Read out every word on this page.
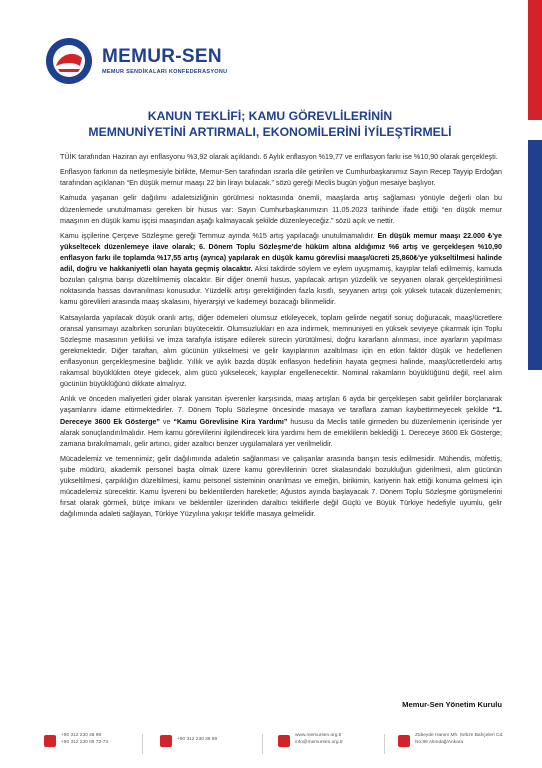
MEMUR-SEN
MEMUR SENDİKALARI KONFEDERASYONU
KANUN TEKLİFİ; KAMU GÖREVLİLERİNİN
MEMNUNİYETİNİ ARTIRMALI, EKONOMİLERİNİ İYİLEŞTİRMELİ

TÜİK tarafından Haziran ayı enflasyonu %3,92 olarak açıklandı. 6 Aylık enflasyon %19,77 ve enflasyon farkı ise %10,90 olarak gerçekleşti.

Enflasyon farkının da netleşmesiyle birlikte, Memur-Sen tarafından ısrarla dile getirilen ve Cumhurbaşkanımız Sayın Recep Tayyip Erdoğan tarafından açıklanan “En düşük memur maaşı 22 bin lirayı bulacak.” sözü gereği Meclis bugün yoğun mesaiye başlıyor.

Kamuda yaşanan gelir dağılımı adaletsizliğinin görülmesi noktasında önemli, maaşlarda artış sağlaması yönüyle değerli olan bu düzenlemede unutulmaması gereken bir husus var: Sayın Cumhurbaşkanımızın 11.05.2023 tarihinde ifade ettiği “en düşük memur maaşının en düşük kamu işçisi maaşından aşağı kalmayacak şekilde düzenleyeceğiz.” sözü açık ve nettir.

Kamu işçilerine Çerçeve Sözleşme gereği Temmuz ayında %15 artış yapılacağı unutulmamalıdır. En düşük memur maaşı 22.000 ₺'ye yükseltecek düzenlemeye ilave olarak; 6. Dönem Toplu Sözleşme'de hüküm altına aldığımız %6 artış ve gerçekleşen %10,90 enflasyon farkı ile toplamda %17,55 artış (ayrıca) yapılarak en düşük kamu görevlisi maaşı/ücreti 25,860₺'ye yükseltilmesi halinde adil, doğru ve hakkaniyetli olan hayata geçmiş olacaktır. Aksi takdirde söylem ve eylem uyuşmamış, kayıplar telafi edilmemiş, kamuda bozulan çalışma barışı düzeltilmemiş olacaktır. Bir diğer önemli husus, yapılacak artışın yüzdelik ve seyyanen olarak gerçekleştirilmesi noktasında hassas davranılması konusudur. Yüzdelik artışı gerektiğinden fazla kısıtlı, seyyanen artışı çok yüksek tutacak düzenlemenin; kamu görevlileri arasında maaş skalasını, hiyerarşiyi ve kademeyi bozacağı bilinmelidir.

Katsayılarda yapılacak düşük oranlı artış, diğer ödemeleri olumsuz etkileyecek, toplam gelirde negatif sonuç doğuracak, maaş/ücretlere oransal yansımayı azaltırken sorunları büyütecektir. Olumsuzlukları en aza indirmek, memnuniyeti en yüksek seviyeye çıkarmak için Toplu Sözleşme masasının yetkilisi ve imza tarafıyla istişare edilerek sürecin yürütülmesi, doğru kararların alınması, ince ayarların yapılması gerekmektedir. Diğer taraftan, alım gücünün yükselmesi ve gelir kayıplarının azaltılması için en etkin faktör düşük ve hedeflenen enflasyonun gerçekleşmesine bağlıdır. Yıllık ve aylık bazda düşük enflasyon hedefinin hayata geçmesi halinde, maaş/ücretlerdeki artış rakamsal büyüklükten öteye gidecek, alım gücü yükselecek, kayıplar engellenecektir. Nominal rakamların büyüklüğünü değil, reel alım gücünün büyüklüğünü dikkate almalıyız.

Anlık ve önceden maliyetleri gider olarak yansıtan işverenler karşısında, maaş artışları 6 ayda bir gerçekleşen sabit gelirliler borçlanarak yaşamlarını idame ettirmektedirler. 7. Dönem Toplu Sözleşme öncesinde masaya ve taraflara zaman kaybettirmeyecek şekilde “1. Dereceye 3600 Ek Gösterge” ve “Kamu Görevlisine Kira Yardımı” hususu da Meclis tatile girmeden bu düzenlemenin içerisinde yer alarak sonuçlandırılmalıdır. Hem kamu görevlilerini ilgilendirecek kira yardımı hem de emeklilerin beklediği 1. Dereceye 3600 Ek Gösterge; zamana bırakılmamalı, gelir artırıcı, gider azaltıcı benzer uygulamalara yer verilmelidir.

Mücadelemiz ve temennimiz; gelir dağılımında adaletin sağlanması ve çalışanlar arasında barışın tesis edilmesidir. Mühendis, müfettiş, şube müdürü, akademik personel başta olmak üzere kamu görevlilerinin ücret skalasındaki bozukluğun giderilmesi, alım gücünün yükseltilmesi, çarpıklığın düzeltilmesi, kamu personel sisteminin onarılması ve emeğin, birikimin, kariyerin hak ettiği konuma gelmesi için mücadelemiz sürecektir. Kamu İşvereni bu beklentilerden hareketle; Ağustos ayında başlayacak 7. Dönem Toplu Sözleşme görüşmelerini fırsat olarak görmeli, bütçe imkanı ve beklentiler üzerinden daraltıcı tekliflerle değil Güçlü ve Büyük Türkiye hedefiyle uyumlu, gelir dağılımında adaleti sağlayan, Türkiye Yüzyılına yakışır teklifle masaya gelmelidir.

Memur-Sen Yönetim Kurulu
+90 312 230 48 98
+90 312 230 09 72-73
+90 312 230 39 89
www.memursen.org.tr
info@memursen.org.tr
Zübeyde Hanım Mh. Sebze Bahçeleri Cd.
No:86 Altındağ/Ankara
